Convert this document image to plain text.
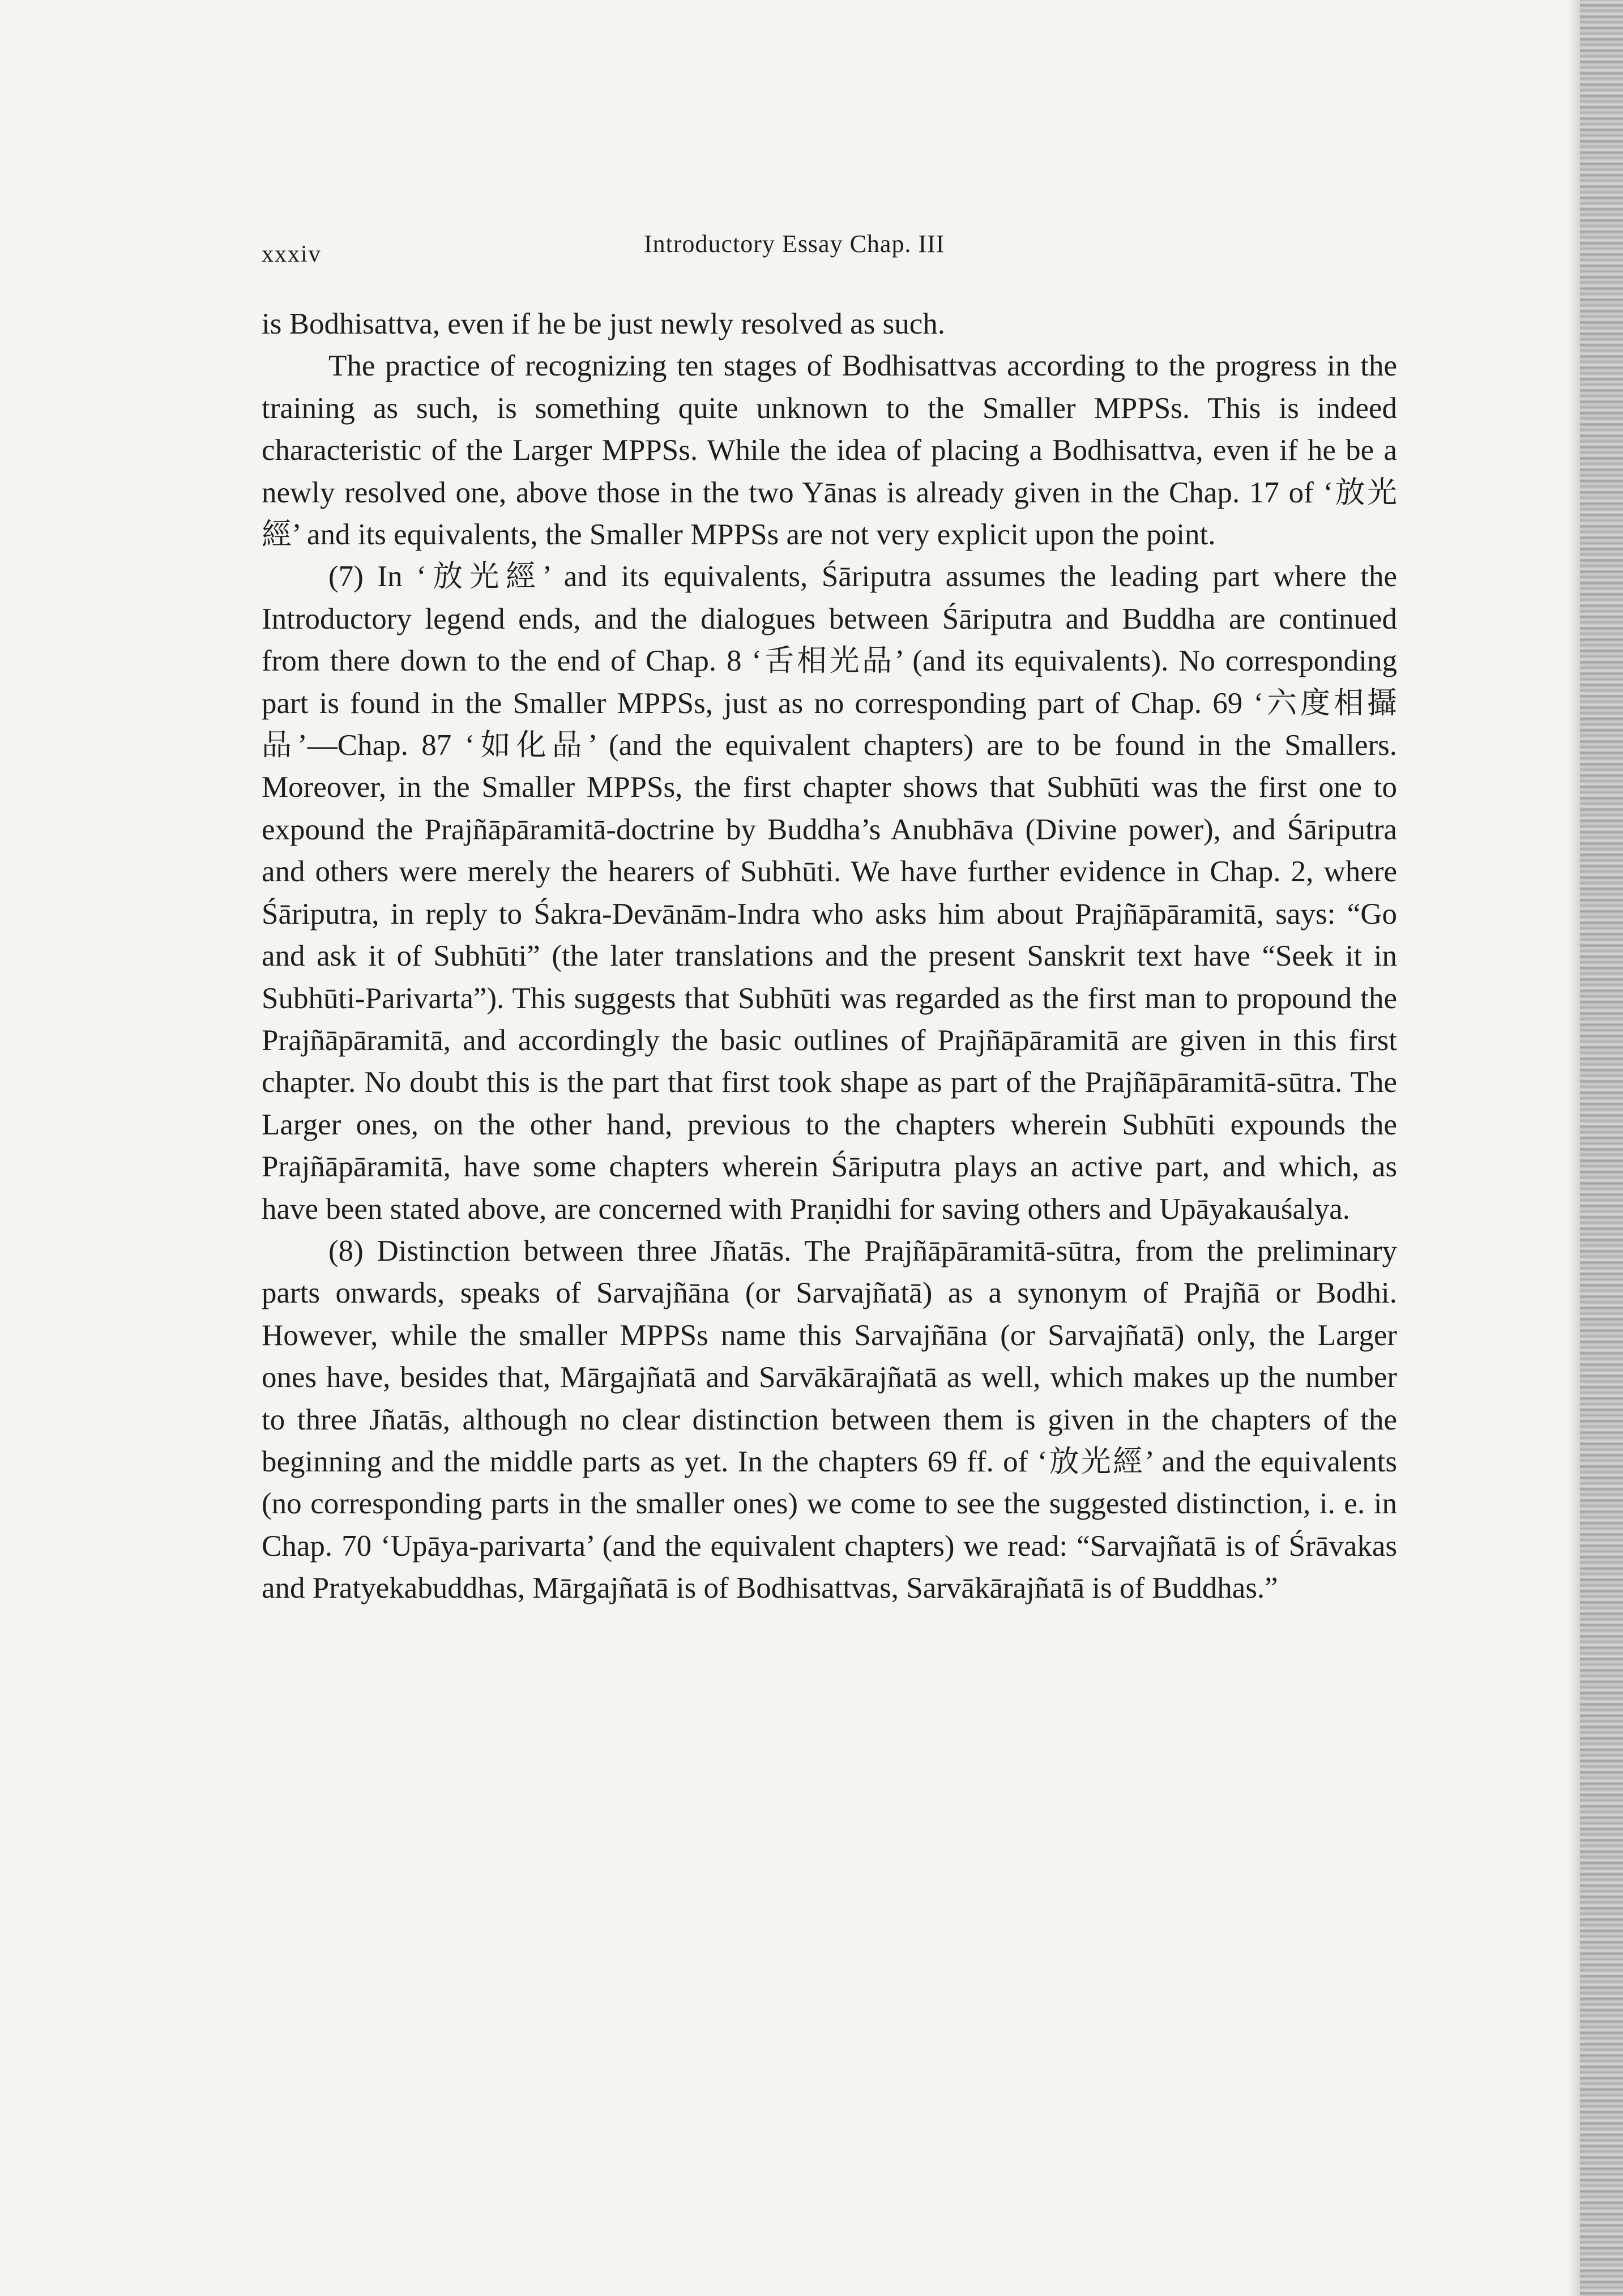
xxxiv	Introductory Essay Chap. III

is Bodhisattva, even if he be just newly resolved as such.

The practice of recognizing ten stages of Bodhisattvas according to the progress in the training as such, is something quite unknown to the Smaller MPPSs. This is indeed characteristic of the Larger MPPSs. While the idea of placing a Bodhisattva, even if he be a newly resolved one, above those in the two Yānas is already given in the Chap. 17 of ‘放光經’ and its equivalents, the Smaller MPPSs are not very explicit upon the point.

(7) In ‘放光經’ and its equivalents, Śāriputra assumes the leading part where the Introductory legend ends, and the dialogues between Śāriputra and Buddha are continued from there down to the end of Chap. 8 ‘舌相光品’ (and its equivalents). No corresponding part is found in the Smaller MPPSs, just as no corresponding part of Chap. 69 ‘六度相攝品’—Chap. 87 ‘如化品’ (and the equivalent chapters) are to be found in the Smallers. Moreover, in the Smaller MPPSs, the first chapter shows that Subhūti was the first one to expound the Prajñāpāramitā-doctrine by Buddha’s Anubhāva (Divine power), and Śāriputra and others were merely the hearers of Subhūti. We have further evidence in Chap. 2, where Śāriputra, in reply to Śakra-Devānām-Indra who asks him about Prajñāpāramitā, says: “Go and ask it of Subhūti” (the later translations and the present Sanskrit text have “Seek it in Subhūti-Parivarta”). This suggests that Subhūti was regarded as the first man to propound the Prajñāpāramitā, and accordingly the basic outlines of Prajñāpāramitā are given in this first chapter. No doubt this is the part that first took shape as part of the Prajñāpāramitā-sūtra. The Larger ones, on the other hand, previous to the chapters wherein Subhūti expounds the Prajñāpāramitā, have some chapters wherein Śāriputra plays an active part, and which, as have been stated above, are concerned with Praṇidhi for saving others and Upāyakauśalya.

(8) Distinction between three Jñatās. The Prajñāpāramitā-sūtra, from the preliminary parts onwards, speaks of Sarvajñāna (or Sarvajñatā) as a synonym of Prajñā or Bodhi. However, while the smaller MPPSs name this Sarvajñāna (or Sarvajñatā) only, the Larger ones have, besides that, Mārgajñatā and Sarvākārajñatā as well, which makes up the number to three Jñatās, although no clear distinction between them is given in the chapters of the beginning and the middle parts as yet. In the chapters 69 ff. of ‘放光經’ and the equivalents (no corresponding parts in the smaller ones) we come to see the suggested distinction, i. e. in Chap. 70 ‘Upāya-parivarta’ (and the equivalent chapters) we read: “Sarvajñatā is of Śrāvakas and Pratyekabuddhas, Mārgajñatā is of Bodhisattvas, Sarvākārajñatā is of Buddhas.”
